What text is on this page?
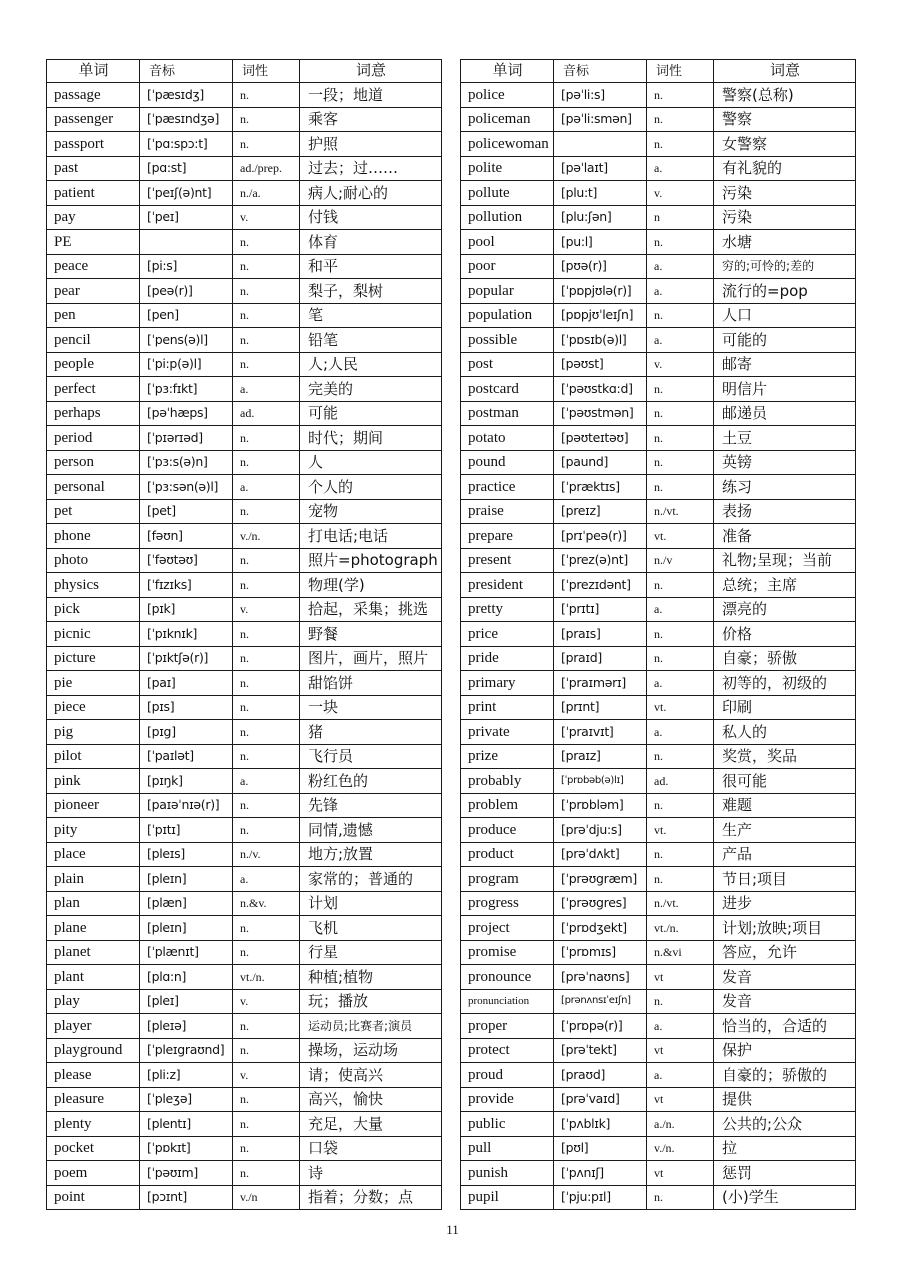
单词	音标	词性	词意
passage	[ˈpæsɪdʒ]	n.	一段；地道
passenger	[ˈpæsɪndʒə]	n.	乘客
passport	[ˈpɑ:spɔ:t]	n.	护照
past	[pɑ:st]	ad./prep.	过去；过……
patient	[ˈpeɪʃ(ə)nt]	n./a.	病人;耐心的
pay	[ˈpeɪ]	v.	付钱
PE		n.	体育
peace	[pi:s]	n.	和平
pear	[peə(r)]	n.	梨子，梨树
pen	[pen]	n.	笔
pencil	[ˈpens(ə)l]	n.	铅笔
people	[ˈpi:p(ə)l]	n.	人;人民
perfect	[ˈpɜ:fɪkt]	a.	完美的
perhaps	[pəˈhæps]	ad.	可能
period	[ˈpɪərɪəd]	n.	时代；期间
person	[ˈpɜ:s(ə)n]	n.	人
personal	[ˈpɜ:sən(ə)l]	a.	个人的
pet	[pet]	n.	宠物
phone	[fəʊn]	v./n.	打电话;电话
photo	[ˈfəʊtəʊ]	n.	照片=photograph
physics	[ˈfɪzɪks]	n.	物理(学)
pick	[pɪk]	v.	拾起，采集；挑选
picnic	[ˈpɪknɪk]	n.	野餐
picture	[ˈpɪktʃə(r)]	n.	图片，画片，照片
pie	[paɪ]	n.	甜馅饼
piece	[pɪs]	n.	一块
pig	[pɪg]	n.	猪
pilot	[ˈpaɪlət]	n.	飞行员
pink	[pɪŋk]	a.	粉红色的
pioneer	[paɪəˈnɪə(r)]	n.	先锋
pity	[ˈpɪtɪ]	n.	同情,遗憾
place	[pleɪs]	n./v.	地方;放置
plain	[pleɪn]	a.	家常的；普通的
plan	[plæn]	n.&v.	计划
plane	[pleɪn]	n.	飞机
planet	[ˈplænɪt]	n.	行星
plant	[plɑ:n]	vt./n.	种植;植物
play	[pleɪ]	v.	玩；播放
player	[pleɪə]	n.	运动员;比赛者;演员
playground	[ˈpleɪgraʊnd]	n.	操场，运动场
please	[pli:z]	v.	请；使高兴
pleasure	[ˈpleʒə]	n.	高兴，愉快
plenty	[plentɪ]	n.	充足，大量
pocket	[ˈpɒkɪt]	n.	口袋
poem	[ˈpəʊɪm]	n.	诗
point	[pɔɪnt]	v./n	指着；分数；点
单词	音标	词性	词意
police	[pəˈli:s]	n.	警察(总称)
policeman	[pəˈli:smən]	n.	警察
policewoman		n.	女警察
polite	[pəˈlaɪt]	a.	有礼貌的
pollute	[plu:t]	v.	污染
pollution	[plu:ʃən]	n	污染
pool	[pu:l]	n.	水塘
poor	[pʊə(r)]	a.	穷的;可怜的;差的
popular	[ˈpɒpjʊlə(r)]	a.	流行的=pop
population	[pɒpjʊˈleɪʃn]	n.	人口
possible	[ˈpɒsɪb(ə)l]	a.	可能的
post	[pəʊst]	v.	邮寄
postcard	[ˈpəʊstkɑ:d]	n.	明信片
postman	[ˈpəʊstmən]	n.	邮递员
potato	[pəʊteɪtəʊ]	n.	土豆
pound	[paund]	n.	英镑
practice	[ˈpræktɪs]	n.	练习
praise	[preɪz]	n./vt.	表扬
prepare	[prɪˈpeə(r)]	vt.	准备
present	[ˈprez(ə)nt]	n./v	礼物;呈现；当前
president	[ˈprezɪdənt]	n.	总统；主席
pretty	[ˈprɪtɪ]	a.	漂亮的
price	[praɪs]	n.	价格
pride	[praɪd]	n.	自豪；骄傲
primary	[ˈpraɪmərɪ]	a.	初等的，初级的
print	[prɪnt]	vt.	印刷
private	[ˈpraɪvɪt]	a.	私人的
prize	[praɪz]	n.	奖赏，奖品
probably	[ˈprɒbəb(ə)lɪ]	ad.	很可能
problem	[ˈprɒbləm]	n.	难题
produce	[prəˈdju:s]	vt.	生产
product	[prəˈdʌkt]	n.	产品
program	[ˈprəʊgræm]	n.	节日;项目
progress	[ˈprəʊgres]	n./vt.	进步
project	[ˈprɒdʒekt]	vt./n.	计划;放映;项目
promise	[ˈprɒmɪs]	n.&vi	答应，允许
pronounce	[prəˈnaʊns]	vt	发音
pronunciation	[prənʌnsɪˈeɪʃn]	n.	发音
proper	[ˈprɒpə(r)]	a.	恰当的，合适的
protect	[prəˈtekt]	vt	保护
proud	[praʊd]	a.	自豪的；骄傲的
provide	[prəˈvaɪd]	vt	提供
public	[ˈpʌblɪk]	a./n.	公共的;公众
pull	[pʊl]	v./n.	拉
punish	[ˈpʌnɪʃ]	vt	惩罚
pupil	[ˈpju:pɪl]	n.	(小)学生
11
